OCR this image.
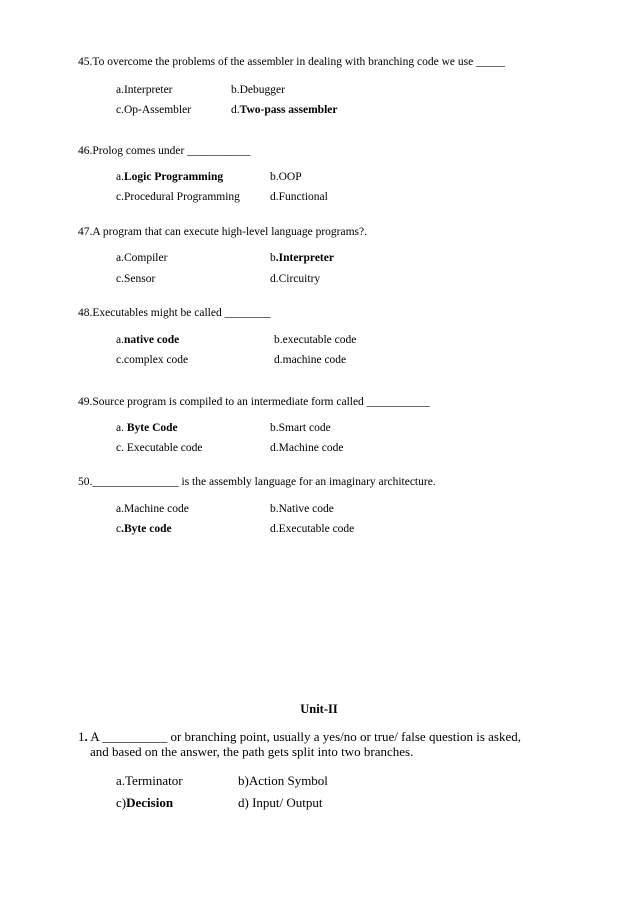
45.To overcome the problems of the assembler in dealing with branching code we use _____
a.Interpreter	b.Debugger
c.Op-Assembler	d.Two-pass assembler
46.Prolog comes under ___________
a.Logic Programming	b.OOP
c.Procedural Programming	d.Functional
47.A program that can execute high-level language programs?.
a.Compiler	b.Interpreter
c.Sensor	d.Circuitry
48.Executables might be called ________
a.native code	b.executable code
c.complex code	d.machine code
49.Source program is compiled to an intermediate form called ___________
a. Byte Code	b.Smart code
c. Executable code	d.Machine code
50._______________ is the assembly language for an imaginary architecture.
a.Machine code	b.Native code
c.Byte code	d.Executable code
Unit-II
1. A __________ or branching point, usually a yes/no or true/ false question is asked,
and based on the answer, the path gets split into two branches.
a.Terminator	b)Action Symbol
c)Decision	d) Input/ Output
